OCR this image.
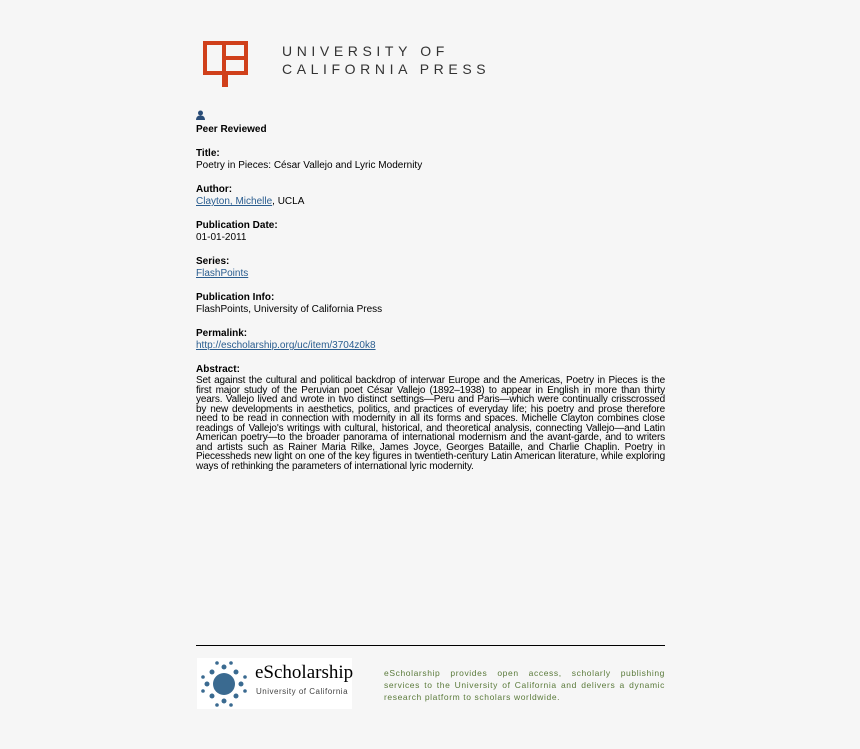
UNIVERSITY OF
CALIFORNIA PRESS
Peer Reviewed
Title:
Poetry in Pieces: César Vallejo and Lyric Modernity
Author:
Clayton, Michelle, UCLA
Publication Date:
01-01-2011
Series:
FlashPoints
Publication Info:
FlashPoints, University of California Press
Permalink:
http://escholarship.org/uc/item/3704z0k8
Abstract:
Set against the cultural and political backdrop of interwar Europe and the Americas, Poetry in Pieces is the first major study of the Peruvian poet César Vallejo (1892–1938) to appear in English in more than thirty years. Vallejo lived and wrote in two distinct settings—Peru and Paris—which were continually crisscrossed by new developments in aesthetics, politics, and practices of everyday life; his poetry and prose therefore need to be read in connection with modernity in all its forms and spaces. Michelle Clayton combines close readings of Vallejo's writings with cultural, historical, and theoretical analysis, connecting Vallejo—and Latin American poetry—to the broader panorama of international modernism and the avant-garde, and to writers and artists such as Rainer Maria Rilke, James Joyce, Georges Bataille, and Charlie Chaplin. Poetry in Piecessheds new light on one of the key figures in twentieth-century Latin American literature, while exploring ways of rethinking the parameters of international lyric modernity.
eScholarship
University of California
eScholarship provides open access, scholarly publishing services to the University of California and delivers a dynamic research platform to scholars worldwide.
